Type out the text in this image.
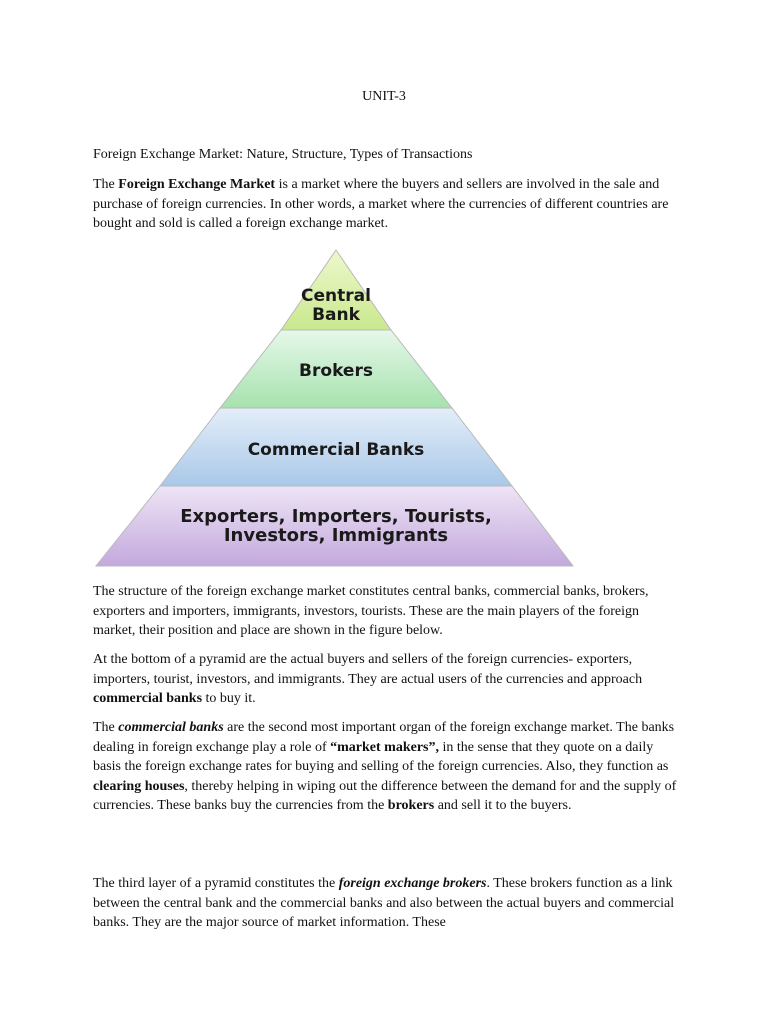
UNIT-3
Foreign Exchange Market: Nature, Structure, Types of Transactions

The Foreign Exchange Market is a market where the buyers and sellers are involved in the sale and purchase of foreign currencies. In other words, a market where the currencies of different countries are bought and sold is called a foreign exchange market.

Central
Bank
Brokers
Commercial Banks
Exporters, Importers, Tourists,
Investors, Immigrants

The structure of the foreign exchange market constitutes central banks, commercial banks, brokers, exporters and importers, immigrants, investors, tourists. These are the main players of the foreign market, their position and place are shown in the figure below.

At the bottom of a pyramid are the actual buyers and sellers of the foreign currencies- exporters, importers, tourist, investors, and immigrants. They are actual users of the currencies and approach commercial banks to buy it.

The commercial banks are the second most important organ of the foreign exchange market. The banks dealing in foreign exchange play a role of “market makers”, in the sense that they quote on a daily basis the foreign exchange rates for buying and selling of the foreign currencies. Also, they function as clearing houses, thereby helping in wiping out the difference between the demand for and the supply of currencies. These banks buy the currencies from the brokers and sell it to the buyers.

The third layer of a pyramid constitutes the foreign exchange brokers. These brokers function as a link between the central bank and the commercial banks and also between the actual buyers and commercial banks. They are the major source of market information. These
